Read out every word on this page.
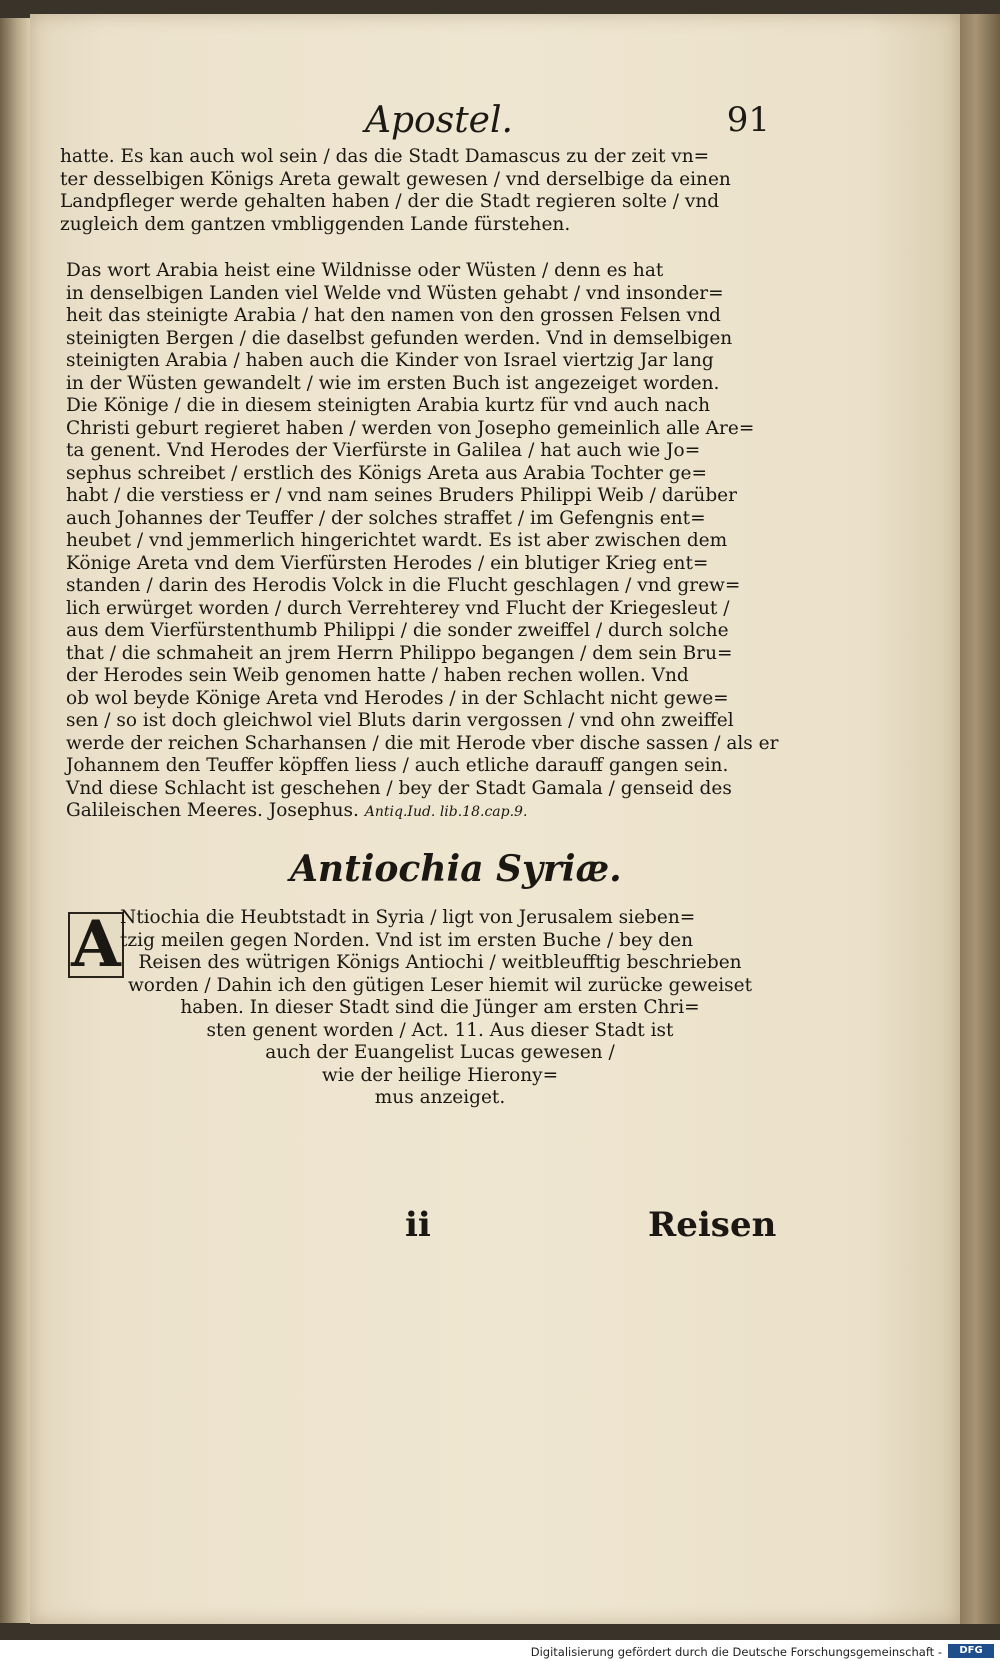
Apostel.	91
hatte. Es kan auch wol sein / das die Stadt Damascus zu der zeit vn=
ter desselbigen Königs Areta gewalt gewesen / vnd derselbige da einen
Landpfleger werde gehalten haben / der die Stadt regieren solte / vnd
zugleich dem gantzen vmbliggenden Lande fürstehen.
Das wort Arabia heist eine Wildnisse oder Wüsten / denn es hat
in denselbigen Landen viel Welde vnd Wüsten gehabt / vnd insonder=
heit das steinigte Arabia / hat den namen von den grossen Felsen vnd
steinigten Bergen / die daselbst gefunden werden. Vnd in demselbigen
steinigten Arabia / haben auch die Kinder von Israel viertzig Jar lang
in der Wüsten gewandelt / wie im ersten Buch ist angezeiget worden.
Die Könige / die in diesem steinigten Arabia kurtz für vnd auch nach
Christi geburt regieret haben / werden von Josepho gemeinlich alle Are=
ta genent. Vnd Herodes der Vierfürste in Galilea / hat auch wie Jo=
sephus schreibet / erstlich des Königs Areta aus Arabia Tochter ge=
habt / die verstiess er / vnd nam seines Bruders Philippi Weib / darüber
auch Johannes der Teuffer / der solches straffet / im Gefengnis ent=
heubet / vnd jemmerlich hingerichtet wardt. Es ist aber zwischen dem
Könige Areta vnd dem Vierfürsten Herodes / ein blutiger Krieg ent=
standen / darin des Herodis Volck in die Flucht geschlagen / vnd grew=
lich erwürget worden / durch Verrehterey vnd Flucht der Kriegesleut /
aus dem Vierfürstenthumb Philippi / die sonder zweiffel / durch solche
that / die schmaheit an jrem Herrn Philippo begangen / dem sein Bru=
der Herodes sein Weib genomen hatte / haben rechen wollen. Vnd
ob wol beyde Könige Areta vnd Herodes / in der Schlacht nicht gewe=
sen / so ist doch gleichwol viel Bluts darin vergossen / vnd ohn zweiffel
werde der reichen Scharhansen / die mit Herode vber dische sassen / als er
Johannem den Teuffer köpffen liess / auch etliche darauff gangen sein.
Vnd diese Schlacht ist geschehen / bey der Stadt Gamala / genseid des
Galileischen Meeres. Josephus. Antiq.Iud. lib.18.cap.9.
Antiochia Syriæ.
A Ntiochia die Heubtstadt in Syria / ligt von Jerusalem sieben=
tzig meilen gegen Norden. Vnd ist im ersten Buche / bey den
Reisen des wütrigen Königs Antiochi / weitbleufftig beschrieben
worden / Dahin ich den gütigen Leser hiemit wil zurücke geweiset
haben. In dieser Stadt sind die Jünger am ersten Chri=
sten genent worden / Act. 11. Aus dieser Stadt ist
auch der Euangelist Lucas gewesen /
wie der heilige Hierony=
mus anzeiget.
ii	Reisen
Digitalisierung gefördert durch die Deutsche Forschungsgemeinschaft -	DFG
